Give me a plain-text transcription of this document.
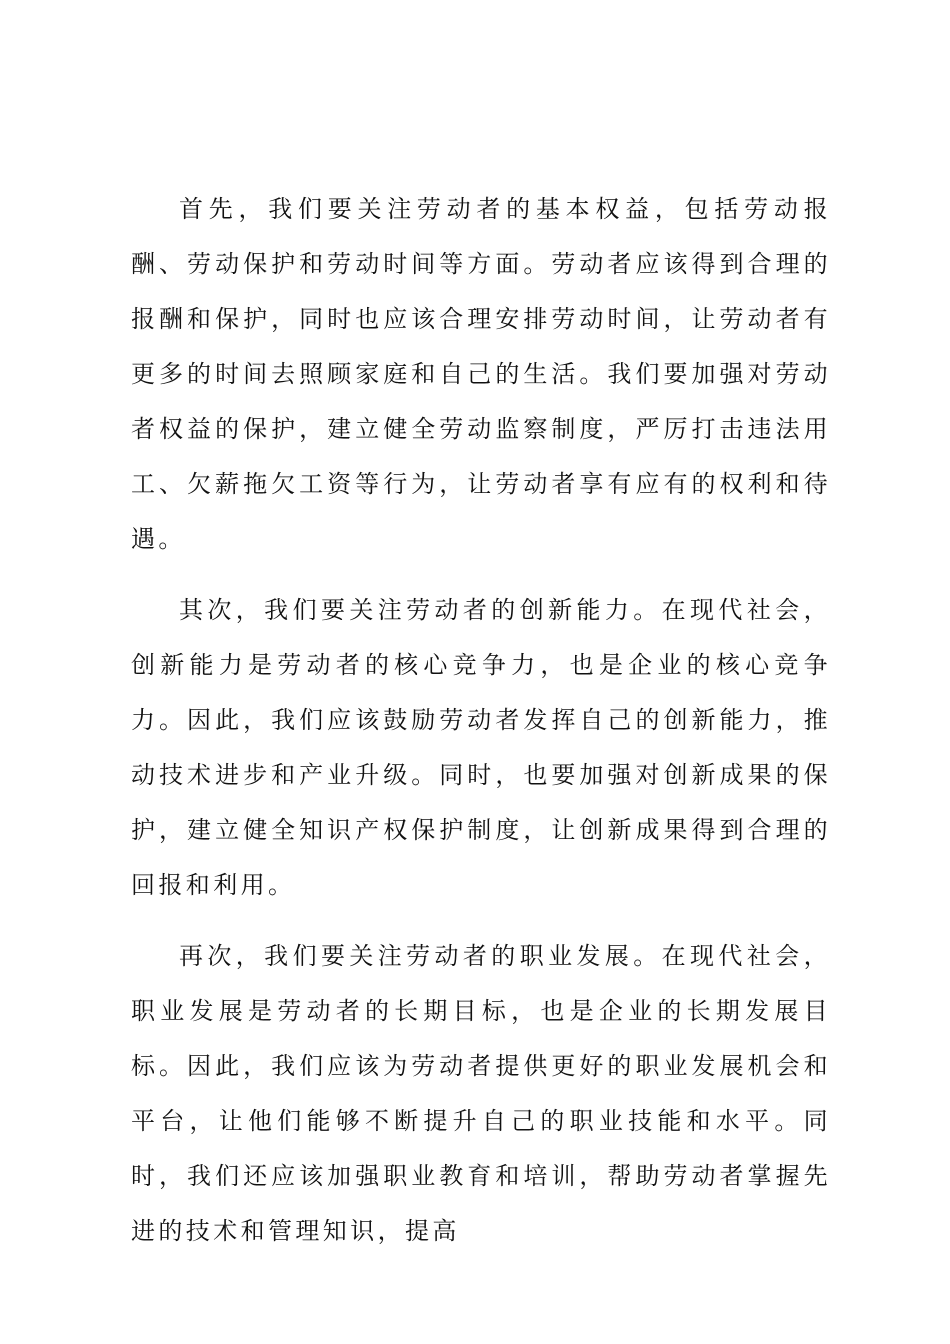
首先，我们要关注劳动者的基本权益，包括劳动报酬、劳动保护和劳动时间等方面。劳动者应该得到合理的报酬和保护，同时也应该合理安排劳动时间，让劳动者有更多的时间去照顾家庭和自己的生活。我们要加强对劳动者权益的保护，建立健全劳动监察制度，严厉打击违法用工、欠薪拖欠工资等行为，让劳动者享有应有的权利和待遇。

其次，我们要关注劳动者的创新能力。在现代社会，创新能力是劳动者的核心竞争力，也是企业的核心竞争力。因此，我们应该鼓励劳动者发挥自己的创新能力，推动技术进步和产业升级。同时，也要加强对创新成果的保护，建立健全知识产权保护制度，让创新成果得到合理的回报和利用。

再次，我们要关注劳动者的职业发展。在现代社会，职业发展是劳动者的长期目标，也是企业的长期发展目标。因此，我们应该为劳动者提供更好的职业发展机会和平台，让他们能够不断提升自己的职业技能和水平。同时，我们还应该加强职业教育和培训，帮助劳动者掌握先进的技术和管理知识，提高
